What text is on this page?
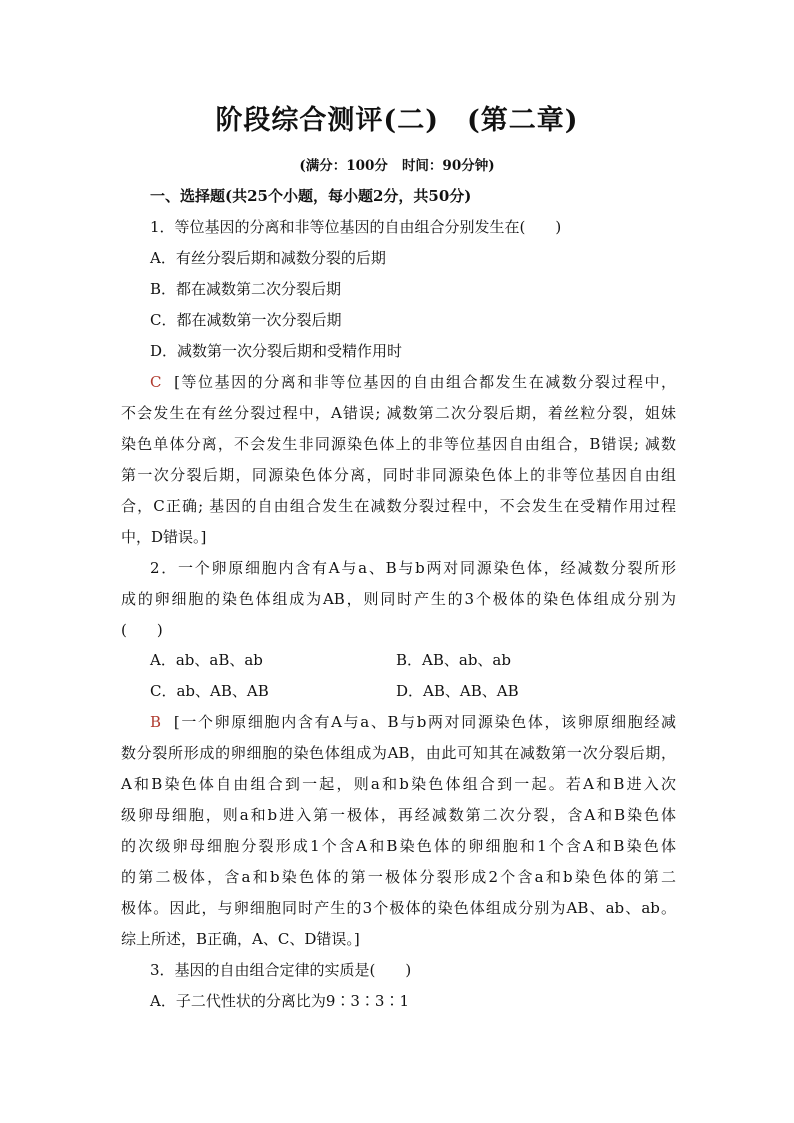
阶段综合测评(二) (第二章)
(满分：100分 时间：90分钟)
一、选择题(共25个小题，每小题2分，共50分)
1．等位基因的分离和非等位基因的自由组合分别发生在(　　)
A．有丝分裂后期和减数分裂的后期
B．都在减数第二次分裂后期
C．都在减数第一次分裂后期
D．减数第一次分裂后期和受精作用时
C [等位基因的分离和非等位基因的自由组合都发生在减数分裂过程中，
不会发生在有丝分裂过程中，A错误; 减数第二次分裂后期，着丝粒分裂，姐妹
染色单体分离，不会发生非同源染色体上的非等位基因自由组合，B错误; 减数
第一次分裂后期，同源染色体分离，同时非同源染色体上的非等位基因自由组
合，C正确; 基因的自由组合发生在减数分裂过程中，不会发生在受精作用过程
中，D错误。]
2．一个卵原细胞内含有A与a、B与b两对同源染色体，经减数分裂所形
成的卵细胞的染色体组成为AB，则同时产生的3个极体的染色体组成分别为
(　　)
A．ab、aB、ab	B．AB、ab、ab
C．ab、AB、AB	D．AB、AB、AB
B [一个卵原细胞内含有A与a、B与b两对同源染色体，该卵原细胞经减
数分裂所形成的卵细胞的染色体组成为AB，由此可知其在减数第一次分裂后期，
A和B染色体自由组合到一起，则a和b染色体组合到一起。若A和B进入次
级卵母细胞，则a和b进入第一极体，再经减数第二次分裂，含A和B染色体
的次级卵母细胞分裂形成1个含A和B染色体的卵细胞和1个含A和B染色体
的第二极体，含a和b染色体的第一极体分裂形成2个含a和b染色体的第二
极体。因此，与卵细胞同时产生的3个极体的染色体组成分别为AB、ab、ab。
综上所述，B正确，A、C、D错误。]
3．基因的自由组合定律的实质是(　　)
A．子二代性状的分离比为9∶3∶3∶1
